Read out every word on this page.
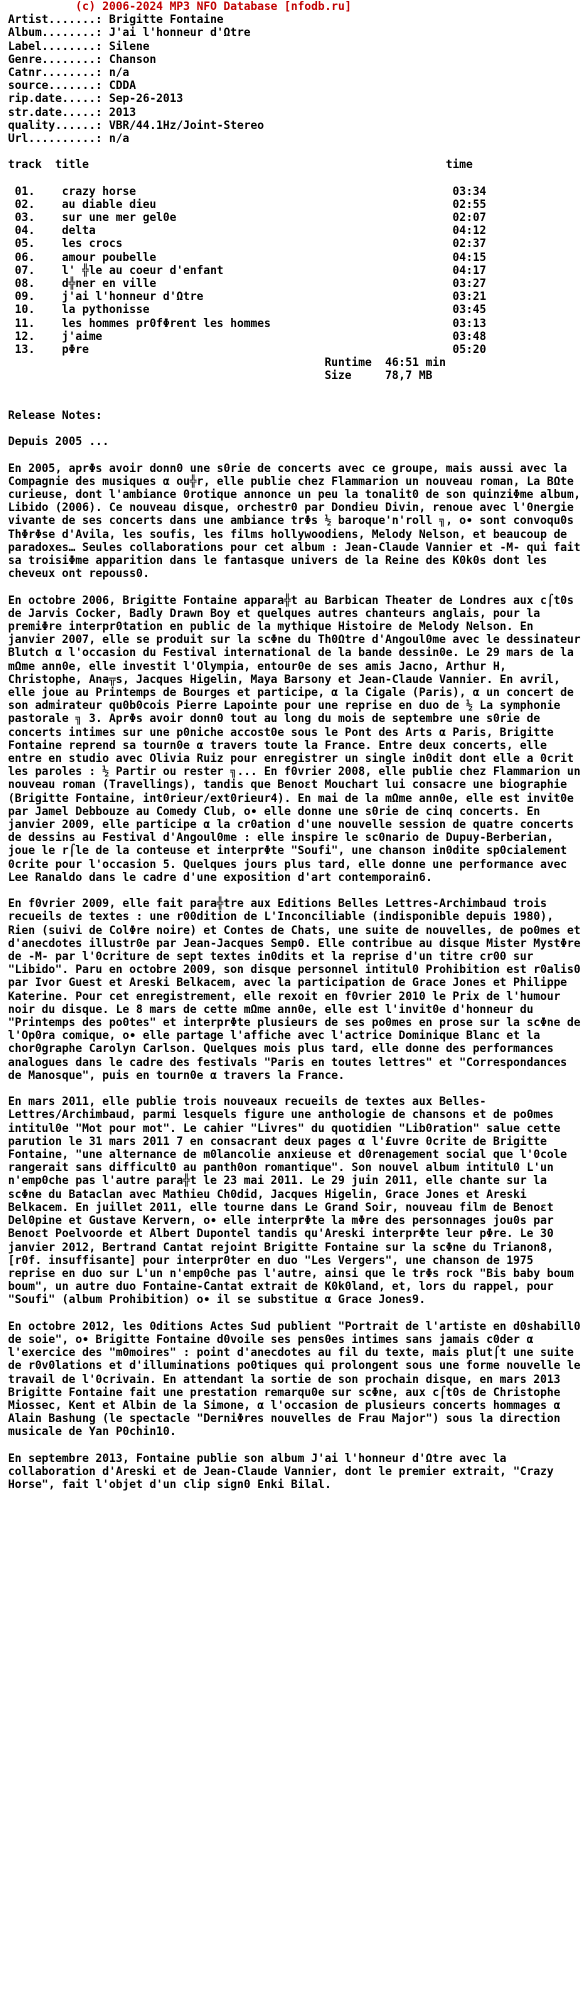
(c) 2006-2024 MP3 NFO Database [nfodb.ru]
Artist.......: Brigitte Fontaine
Album........: J'ai l'honneur d'Ωtre
Label........: Silene
Genre........: Chanson
Catnr........: n/a
source.......: CDDA
rip.date.....: Sep-26-2013
str.date.....: 2013
quality......: VBR/44.1Hz/Joint-Stereo
Url..........: n/a
track  title                                                     time
01.    crazy horse                                               03:34
02.    au diable dieu                                            02:55
03.    sur une mer gel0e                                         02:07
04.    delta                                                     04:12
05.    les crocs                                                 02:37
06.    amour poubelle                                            04:15
07.    l' ╬le au coeur d'enfant                                  04:17
08.    d╬ner en ville                                            03:27
09.    j'ai l'honneur d'Ωtre                                     03:21
10.    la pythonisse                                             03:45
11.    les hommes pr0fΦrent les hommes                           03:13
12.    j'aime                                                    03:48
13.    pΦre                                                      05:20
Runtime  46:51 min
Size     78,7 MB
Release Notes:
Depuis 2005 ...

En 2005, aprΦs avoir donn0 une s0rie de concerts avec ce groupe, mais aussi avec la Compagnie des musiques α ou╬r, elle publie chez Flammarion un nouveau roman, La BΩte curieuse, dont l'ambiance 0rotique annonce un peu la tonalit0 de son quinziΦme album, Libido (2006). Ce nouveau disque, orchestr0 par Dondieu Divin, renoue avec l'0nergie vivante de ses concerts dans une ambiance trΦs ½ baroque'n'roll ╗, o∙ sont convoqu0s ThΦrΦse d'Avila, les soufis, les films hollywoodiens, Melody Nelson, et beaucoup de paradoxes… Seules collaborations pour cet album : Jean-Claude Vannier et -M- qui fait sa troisiΦme apparition dans le fantasque univers de la Reine des K0k0s dont les cheveux ont repouss0.

En octobre 2006, Brigitte Fontaine appara╬t au Barbican Theater de Londres aux c⌠t0s de Jarvis Cocker, Badly Drawn Boy et quelques autres chanteurs anglais, pour la premiΦre interpr0tation en public de la mythique Histoire de Melody Nelson. En janvier 2007, elle se produit sur la scΦne du Th0Ωtre d'Angoul0me avec le dessinateur Blutch α l'occasion du Festival international de la bande dessin0e. Le 29 mars de la mΩme ann0e, elle investit l'Olympia, entour0e de ses amis Jacno, Arthur H, Christophe, Ana╦s, Jacques Higelin, Maya Barsony et Jean-Claude Vannier. En avril, elle joue au Printemps de Bourges et participe, α la Cigale (Paris), α un concert de son admirateur qu0b0cois Pierre Lapointe pour une reprise en duo de ½ La symphonie pastorale ╗ 3. AprΦs avoir donn0 tout au long du mois de septembre une s0rie de concerts intimes sur une p0niche accost0e sous le Pont des Arts α Paris, Brigitte Fontaine reprend sa tourn0e α travers toute la France. Entre deux concerts, elle entre en studio avec Olivia Ruiz pour enregistrer un single in0dit dont elle a 0crit les paroles : ½ Partir ou rester ╗... En f0vrier 2008, elle publie chez Flammarion un nouveau roman (Travellings), tandis que Benoεt Mouchart lui consacre une biographie (Brigitte Fontaine, int0rieur/ext0rieur4). En mai de la mΩme ann0e, elle est invit0e par Jamel Debbouze au Comedy Club, o∙ elle donne une s0rie de cinq concerts. En janvier 2009, elle participe α la cr0ation d'une nouvelle session de quatre concerts de dessins au Festival d'Angoul0me : elle inspire le sc0nario de Dupuy-Berberian, joue le r⌠le de la conteuse et interprΦte "Soufi", une chanson in0dite sp0cialement 0crite pour l'occasion 5. Quelques jours plus tard, elle donne une performance avec Lee Ranaldo dans le cadre d'une exposition d'art contemporain6.

En f0vrier 2009, elle fait para╬tre aux Editions Belles Lettres-Archimbaud trois recueils de textes : une r00dition de L'Inconciliable (indisponible depuis 1980), Rien (suivi de ColΦre noire) et Contes de Chats, une suite de nouvelles, de po0mes et d'anecdotes illustr0e par Jean-Jacques Semp0. Elle contribue au disque Mister MystΦre de -M- par l'0criture de sept textes in0dits et la reprise d'un titre cr00 sur "Libido". Paru en octobre 2009, son disque personnel intitul0 Prohibition est r0alis0 par Ivor Guest et Areski Belkacem, avec la participation de Grace Jones et Philippe Katerine. Pour cet enregistrement, elle rexoit en f0vrier 2010 le Prix de l'humour noir du disque. Le 8 mars de cette mΩme ann0e, elle est l'invit0e d'honneur du "Printemps des po0tes" et interprΦte plusieurs de ses po0mes en prose sur la scΦne de l'Op0ra comique, o∙ elle partage l'affiche avec l'actrice Dominique Blanc et la chor0graphe Carolyn Carlson. Quelques mois plus tard, elle donne des performances analogues dans le cadre des festivals "Paris en toutes lettres" et "Correspondances de Manosque", puis en tourn0e α travers la France.

En mars 2011, elle publie trois nouveaux recueils de textes aux Belles-Lettres/Archimbaud, parmi lesquels figure une anthologie de chansons et de po0mes intitul0e "Mot pour mot". Le cahier "Livres" du quotidien "Lib0ration" salue cette parution le 31 mars 2011 7 en consacrant deux pages α l'£uvre 0crite de Brigitte Fontaine, "une alternance de m0lancolie anxieuse et d0renagement social que l'0cole rangerait sans difficult0 au panth0on romantique". Son nouvel album intitul0 L'un n'emp0che pas l'autre para╬t le 23 mai 2011. Le 29 juin 2011, elle chante sur la scΦne du Bataclan avec Mathieu Ch0did, Jacques Higelin, Grace Jones et Areski Belkacem. En juillet 2011, elle tourne dans Le Grand Soir, nouveau film de Benoεt Del0pine et Gustave Kervern, o∙ elle interprΦte la mΦre des personnages jou0s par Benoεt Poelvoorde et Albert Dupontel tandis qu'Areski interprΦte leur pΦre. Le 30 janvier 2012, Bertrand Cantat rejoint Brigitte Fontaine sur la scΦne du Trianon8,[r0f. insuffisante] pour interpr0ter en duo "Les Vergers", une chanson de 1975 reprise en duo sur L'un n'emp0che pas l'autre, ainsi que le trΦs rock "Bis baby boum boum", un autre duo Fontaine-Cantat extrait de K0k0land, et, lors du rappel, pour "Soufi" (album Prohibition) o∙ il se substitue α Grace Jones9.

En octobre 2012, les 0ditions Actes Sud publient "Portrait de l'artiste en d0shabill0 de soie", o∙ Brigitte Fontaine d0voile ses pens0es intimes sans jamais c0der α l'exercice des "m0moires" : point d'anecdotes au fil du texte, mais plut⌠t une suite de r0v0lations et d'illuminations po0tiques qui prolongent sous une forme nouvelle le travail de l'0crivain. En attendant la sortie de son prochain disque, en mars 2013 Brigitte Fontaine fait une prestation remarqu0e sur scΦne, aux c⌠t0s de Christophe Miossec, Kent et Albin de la Simone, α l'occasion de plusieurs concerts hommages α Alain Bashung (le spectacle "DerniΦres nouvelles de Frau Major") sous la direction musicale de Yan P0chin10.

En septembre 2013, Fontaine publie son album J'ai l'honneur d'Ωtre avec la collaboration d'Areski et de Jean-Claude Vannier, dont le premier extrait, "Crazy Horse", fait l'objet d'un clip sign0 Enki Bilal.
